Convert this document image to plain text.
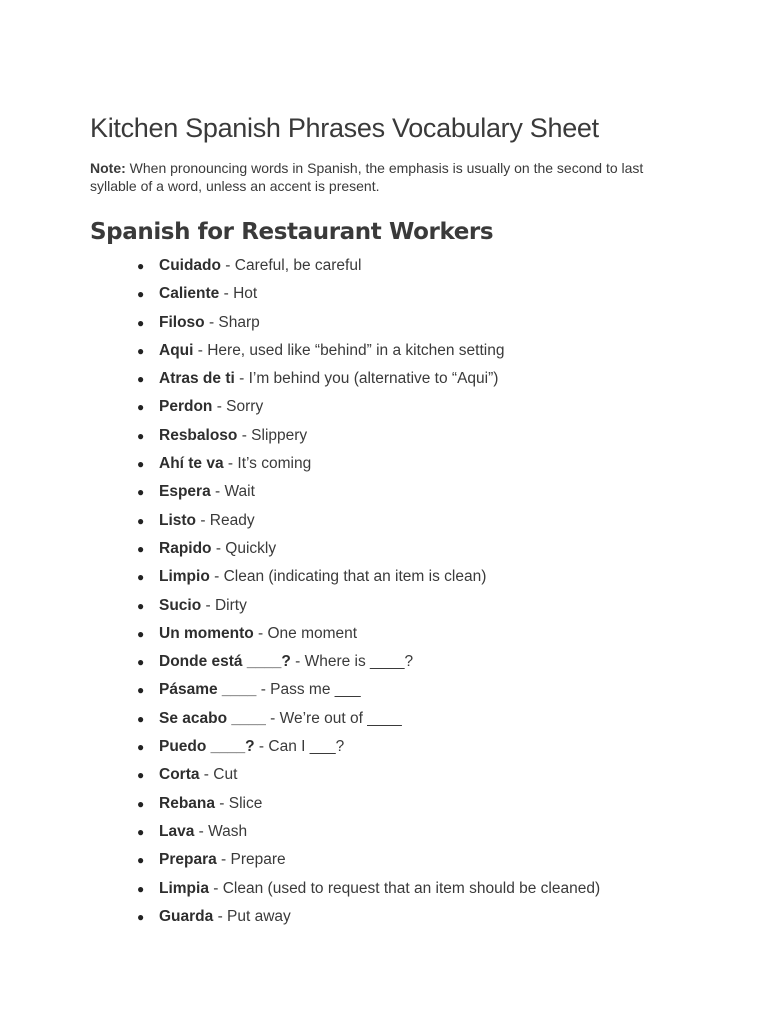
Kitchen Spanish Phrases Vocabulary Sheet

Note: When pronouncing words in Spanish, the emphasis is usually on the second to last syllable of a word, unless an accent is present.

Spanish for Restaurant Workers
● Cuidado - Careful, be careful
● Caliente - Hot
● Filoso - Sharp
● Aqui - Here, used like “behind” in a kitchen setting
● Atras de ti - I’m behind you (alternative to “Aqui”)
● Perdon - Sorry
● Resbaloso - Slippery
● Ahí te va - It’s coming
● Espera - Wait
● Listo - Ready
● Rapido - Quickly
● Limpio - Clean (indicating that an item is clean)
● Sucio - Dirty
● Un momento - One moment
● Donde está ____? - Where is ____?
● Pásame ____ - Pass me ___
● Se acabo ____ - We’re out of ____
● Puedo ____? - Can I ___?
● Corta - Cut
● Rebana - Slice
● Lava - Wash
● Prepara - Prepare
● Limpia - Clean (used to request that an item should be cleaned)
● Guarda - Put away
